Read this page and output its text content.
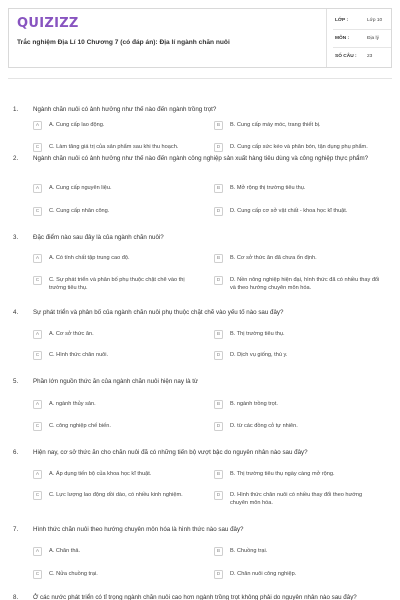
QUIZIZZ
Trắc nghiệm Địa Lí 10 Chương 7 (có đáp án): Địa lí ngành chăn nuôi
LỚP :	Lớp 10
MÔN :	Địa lý
SỐ CÂU : 23
1. Ngành chăn nuôi có ảnh hưởng như thế nào đến ngành trồng trọt?
A	A. Cung cấp lao động.	B	B. Cung cấp máy móc, trang thiết bị.
C	C. Làm tăng giá trị của sản phẩm sau khi thu hoạch.	D	D. Cung cấp sức kéo và phân bón, tận dụng phụ phẩm.
2. Ngành chăn nuôi có ảnh hưởng như thế nào đến ngành công nghiệp sản xuất hàng tiêu dùng và công nghiệp thực phẩm?
A	A. Cung cấp nguyên liệu.	B	B. Mở rộng thị trường tiêu thụ.
C	C. Cung cấp nhân công.	D	D. Cung cấp cơ sở vật chất - khoa học kĩ thuật.
3. Đặc điểm nào sau đây là của ngành chăn nuôi?
A	A. Có tính chất tập trung cao độ.	B	B. Cơ sở thức ăn đã chưa ổn định.
C	C. Sự phát triển và phân bố phụ thuộc chặt chẽ vào thị trường tiêu thụ.
D	D. Nền nông nghiệp hiện đại, hình thức đã có nhiều thay đổi và theo hướng chuyên môn hóa.
4. Sự phát triển và phân bố của ngành chăn nuôi phụ thuộc chặt chẽ vào yếu tố nào sau đây?
A	A. Cơ sở thức ăn.	B	B. Thị trường tiêu thụ.
C	C. Hình thức chăn nuôi.	D	D. Dịch vụ giống, thú y.
5. Phần lớn nguồn thức ăn của ngành chăn nuôi hiện nay là từ
A	A. ngành thủy sản.	B	B. ngành trồng trọt.
C	C. công nghiệp chế biến.	D	D. từ các đồng cỏ tự nhiên.
6. Hiện nay, cơ sở thức ăn cho chăn nuôi đã có những tiến bộ vượt bậc do nguyên nhân nào sau đây?
A	A. Áp dụng tiến bộ của khoa học kĩ thuật.	B	B. Thị trường tiêu thụ ngày càng mở rộng.
C	C. Lực lượng lao động dồi dào, có nhiều kinh nghiệm.	D	D. Hình thức chăn nuôi có nhiều thay đổi theo hướng chuyên môn hóa.
7. Hình thức chăn nuôi theo hướng chuyên môn hóa là hình thức nào sau đây?
A	A. Chăn thả.	B	B. Chuồng trại.
C	C. Nửa chuồng trại.	D	D. Chăn nuôi công nghiệp.
8. Ở các nước phát triển có tỉ trọng ngành chăn nuôi cao hơn ngành trồng trọt không phải do nguyên nhân nào sau đây?
